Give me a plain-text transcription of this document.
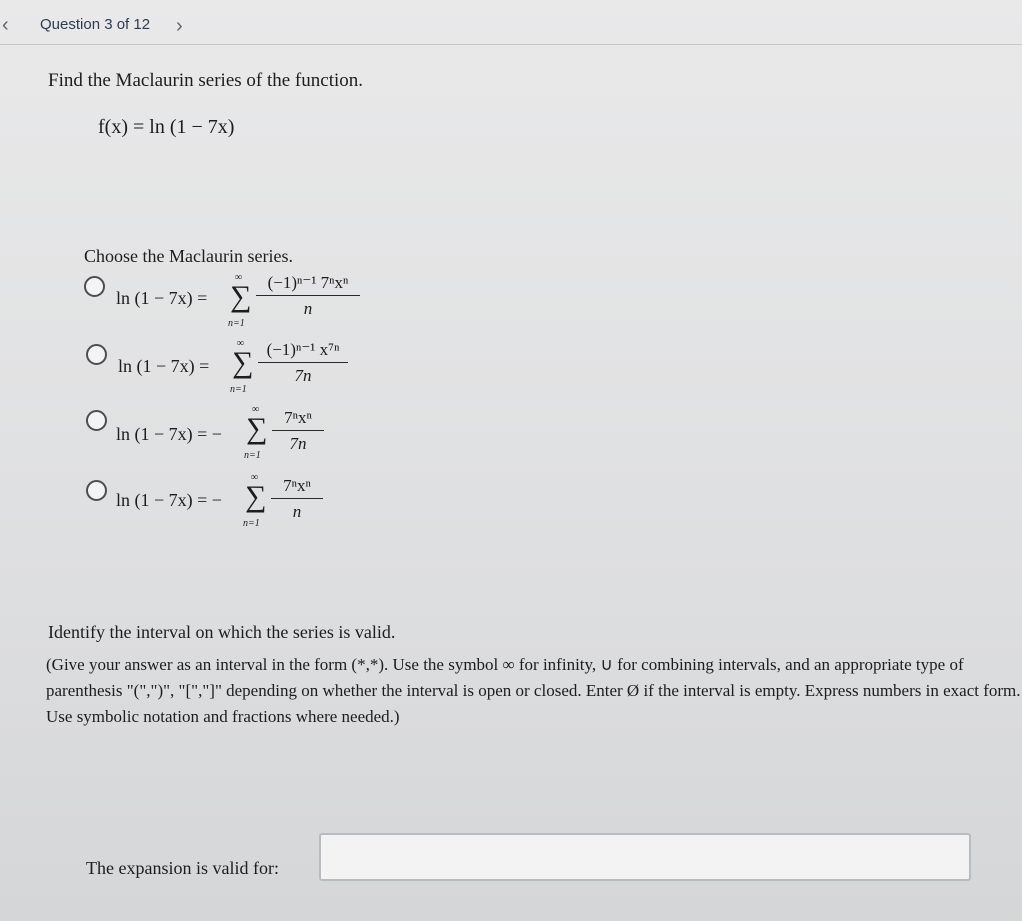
‹ Question 3 of 12 ›
Find the Maclaurin series of the function.
f(x) = ln (1 − 7x)
Choose the Maclaurin series.
ln (1 − 7x) =
∞
∑
n=1
(−1)ⁿ⁻¹ 7ⁿxⁿ
n
ln (1 − 7x) =
∞
∑
n=1
(−1)ⁿ⁻¹ x⁷ⁿ
7n
ln (1 − 7x) = −
∞
∑
n=1
7ⁿxⁿ
7n
ln (1 − 7x) = −
∞
∑
n=1
7ⁿxⁿ
n
Identify the interval on which the series is valid.
(Give your answer as an interval in the form (*,*). Use the symbol ∞ for infinity, ∪ for combining intervals, and an appropriate type of parenthesis "(",")", "[","]" depending on whether the interval is open or closed. Enter Ø if the interval is empty. Express numbers in exact form. Use symbolic notation and fractions where needed.)
The expansion is valid for:
